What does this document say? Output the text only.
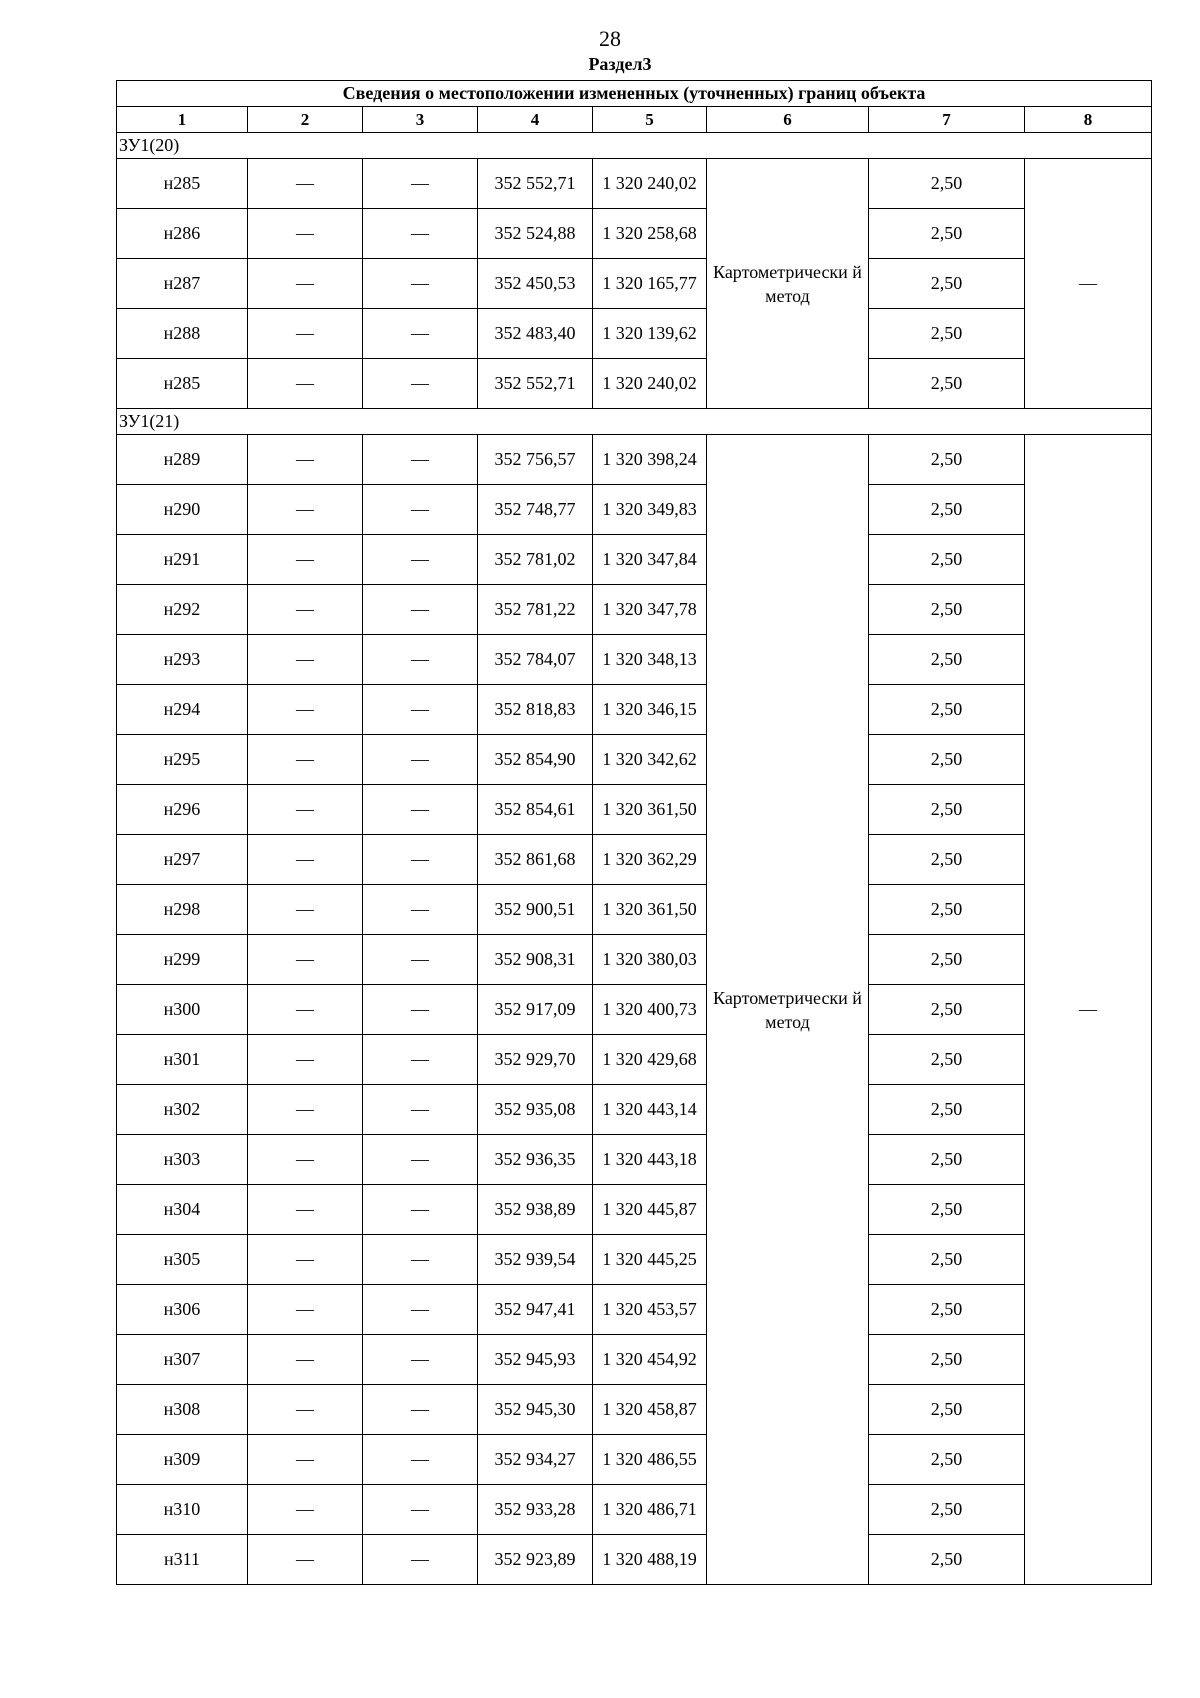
28
Раздел3
Сведения о местоположении измененных (уточненных) границ объекта							
1	2	3	4	5	6	7	8
ЗУ1(20)							
н285	—	—	352 552,71	1 320 240,02	Картометрически й метод	2,50	—
н286	—	—	352 524,88	1 320 258,68		2,50	
н287	—	—	352 450,53	1 320 165,77		2,50	
н288	—	—	352 483,40	1 320 139,62		2,50	
н285	—	—	352 552,71	1 320 240,02		2,50	
ЗУ1(21)							
н289	—	—	352 756,57	1 320 398,24	Картометрически й метод	2,50	—
н290	—	—	352 748,77	1 320 349,83		2,50	
н291	—	—	352 781,02	1 320 347,84		2,50	
н292	—	—	352 781,22	1 320 347,78		2,50	
н293	—	—	352 784,07	1 320 348,13		2,50	
н294	—	—	352 818,83	1 320 346,15		2,50	
н295	—	—	352 854,90	1 320 342,62		2,50	
н296	—	—	352 854,61	1 320 361,50		2,50	
н297	—	—	352 861,68	1 320 362,29		2,50	
н298	—	—	352 900,51	1 320 361,50		2,50	
н299	—	—	352 908,31	1 320 380,03		2,50	
н300	—	—	352 917,09	1 320 400,73		2,50	
н301	—	—	352 929,70	1 320 429,68		2,50	
н302	—	—	352 935,08	1 320 443,14		2,50	
н303	—	—	352 936,35	1 320 443,18		2,50	
н304	—	—	352 938,89	1 320 445,87		2,50	
н305	—	—	352 939,54	1 320 445,25		2,50	
н306	—	—	352 947,41	1 320 453,57		2,50	
н307	—	—	352 945,93	1 320 454,92		2,50	
н308	—	—	352 945,30	1 320 458,87		2,50	
н309	—	—	352 934,27	1 320 486,55		2,50	
н310	—	—	352 933,28	1 320 486,71		2,50	
н311	—	—	352 923,89	1 320 488,19		2,50	
